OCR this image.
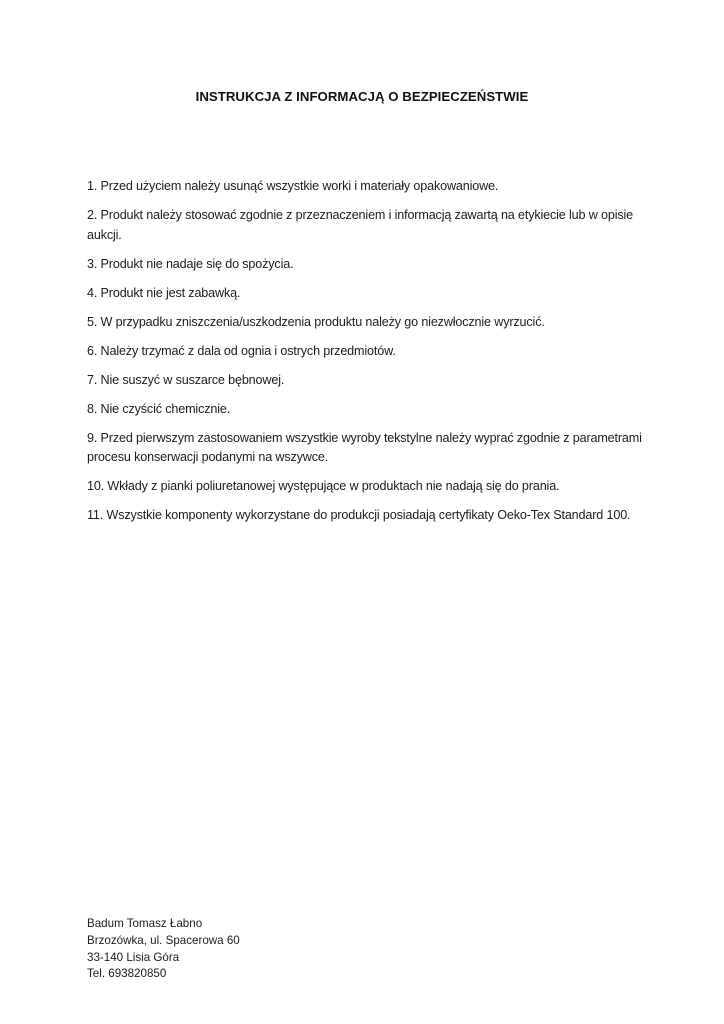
INSTRUKCJA Z INFORMACJĄ O BEZPIECZEŃSTWIE
1. Przed użyciem należy usunąć wszystkie worki i materiały opakowaniowe.
2. Produkt należy stosować zgodnie z przeznaczeniem i informacją zawartą na etykiecie lub w opisie aukcji.
3. Produkt nie nadaje się do spożycia.
4. Produkt nie jest zabawką.
5. W przypadku zniszczenia/uszkodzenia produktu należy go niezwłocznie wyrzucić.
6. Należy trzymać z dala od ognia i ostrych przedmiotów.
7. Nie suszyć w suszarce bębnowej.
8. Nie czyścić chemicznie.
9. Przed pierwszym zastosowaniem wszystkie wyroby tekstylne należy wyprać zgodnie z parametrami procesu konserwacji podanymi na wszywce.
10. Wkłady z pianki poliuretanowej występujące w produktach nie nadają się do prania.
11. Wszystkie komponenty wykorzystane do produkcji posiadają certyfikaty Oeko-Tex Standard 100.
Badum Tomasz Łabno
Brzozówka, ul. Spacerowa 60
33-140 Lisia Góra
Tel. 693820850
